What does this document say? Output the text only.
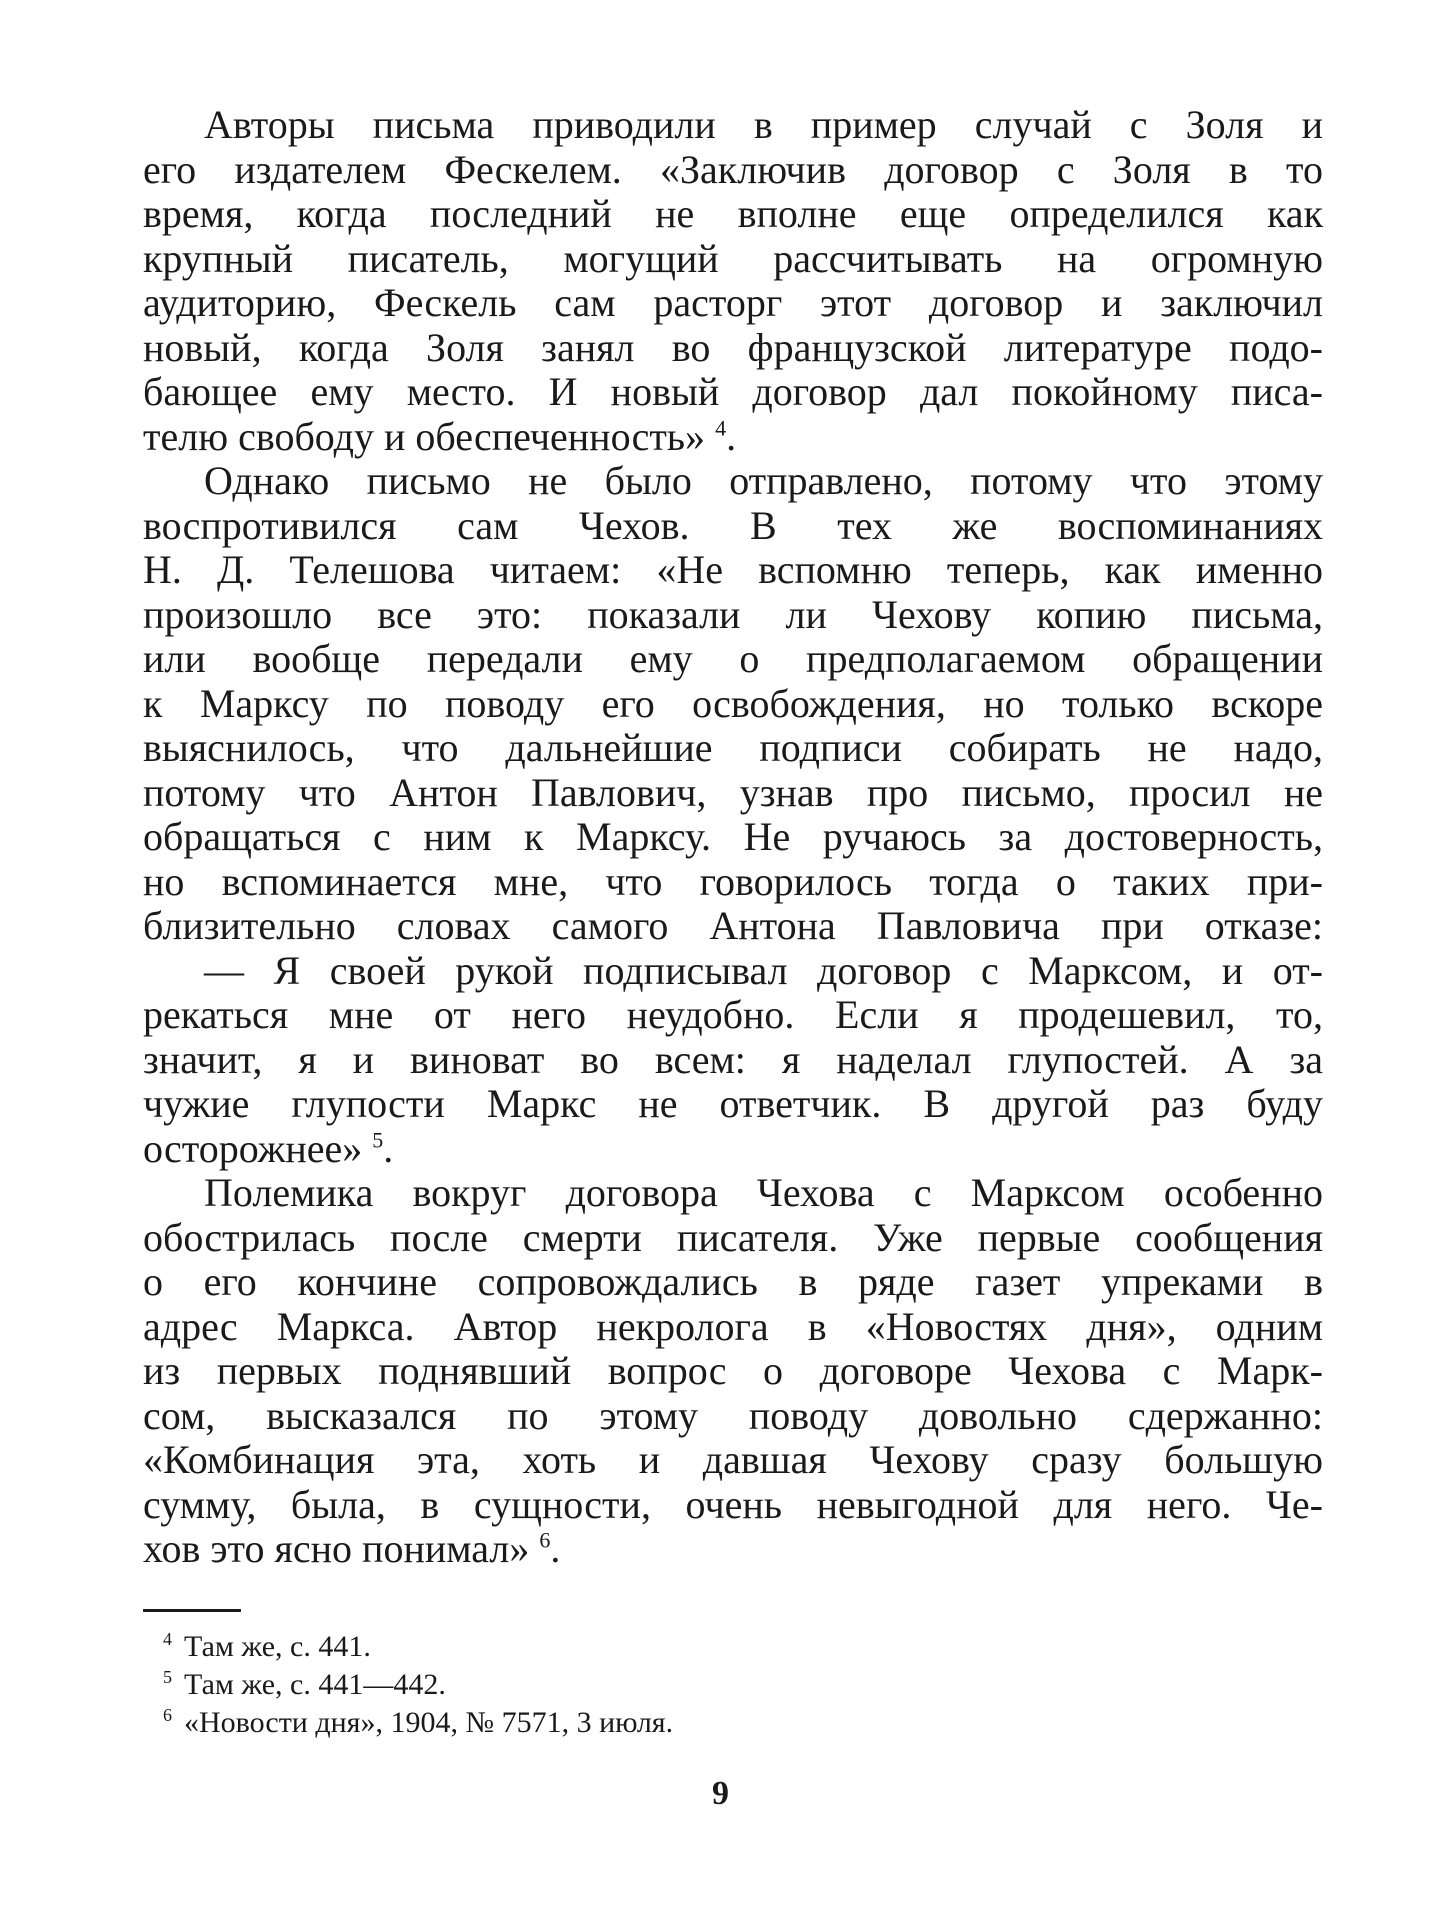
Авторы письма приводили в пример случай с Золя и
его издателем Фескелем. «Заключив договор с Золя в то
время, когда последний не вполне еще определился как
крупный писатель, могущий рассчитывать на огромную
аудиторию, Фескель сам расторг этот договор и заключил
новый, когда Золя занял во французской литературе подо-
бающее ему место. И новый договор дал покойному писа-
телю свободу и обеспеченность» $^4$.

Однако письмо не было отправлено, потому что этому
воспротивился сам Чехов. В тех же воспоминаниях
Н. Д. Телешова читаем: «Не вспомню теперь, как именно
произошло все это: показали ли Чехову копию письма,
или вообще передали ему о предполагаемом обращении
к Марксу по поводу его освобождения, но только вскоре
выяснилось, что дальнейшие подписи собирать не надо,
потому что Антон Павлович, узнав про письмо, просил не
обращаться с ним к Марксу. Не ручаюсь за достоверность,
но вспоминается мне, что говорилось тогда о таких при-
близительно словах самого Антона Павловича при отказе:

— Я своей рукой подписывал договор с Марксом, и от-
рекаться мне от него неудобно. Если я продешевил, то,
значит, я и виноват во всем: я наделал глупостей. А за
чужие глупости Маркс не ответчик. В другой раз буду
осторожнее» $^5$.

Полемика вокруг договора Чехова с Марксом особенно
обострилась после смерти писателя. Уже первые сообщения
о его кончине сопровождались в ряде газет упреками в
адрес Маркса. Автор некролога в «Новостях дня», одним
из первых поднявший вопрос о договоре Чехова с Марк-
сом, высказался по этому поводу довольно сдержанно:
«Комбинация эта, хоть и давшая Чехову сразу большую
сумму, была, в сущности, очень невыгодной для него. Че-
хов это ясно понимал» $^6$.

$^4$ Там же, с. 441.
$^5$ Там же, с. 441—442.
$^6$ «Новости дня», 1904, № 7571, 3 июля.
9
